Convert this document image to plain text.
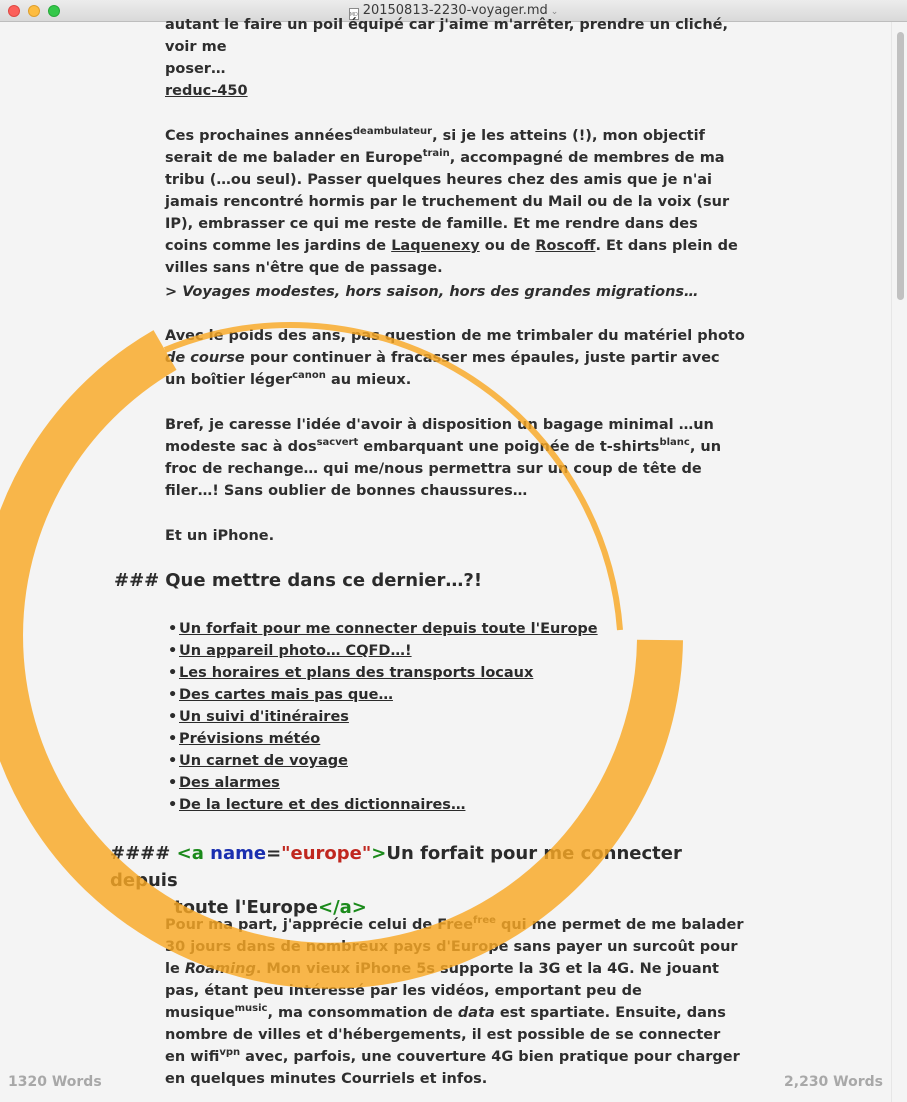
MD 20150813-2230-voyager.md ⌄
autant le faire un poil équipé car j'aime m'arrêter, prendre un cliché, voir me
poser…
reduc-450
Ces prochaines années$^{deambulateur}$, si je les atteins (!), mon objectif serait de me balader en Europe$^{train}$, accompagné de membres de ma tribu (…ou seul). Passer quelques heures chez des amis que je n'ai jamais rencontré hormis par le truchement du Mail ou de la voix (sur IP), embrasser ce qui me reste de famille. Et me rendre dans des coins comme les jardins de Laquenexy ou de Roscoff. Et dans plein de villes sans n'être que de passage.
> Voyages modestes, hors saison, hors des grandes migrations…
Avec le poids des ans, pas question de me trimbaler du matériel photo de course pour continuer à fracasser mes épaules, juste partir avec un boîtier léger$^{canon}$ au mieux.
Bref, je caresse l'idée d'avoir à disposition un bagage minimal …un modeste sac à dos$^{sacvert}$ embarquant une poignée de t-shirts$^{blanc}$, un froc de rechange… qui me/nous permettra sur un coup de tête de filer…! Sans oublier de bonnes chaussures…
Et un iPhone.
### Que mettre dans ce dernier…?!
• Un forfait pour me connecter depuis toute l'Europe
• Un appareil photo… CQFD…!
• Les horaires et plans des transports locaux
• Des cartes mais pas que…
• Un suivi d'itinéraires
• Prévisions météo
• Un carnet de voyage
• Des alarmes
• De la lecture et des dictionnaires…
#### <a name="europe">Un forfait pour me connecter depuis
toute l'Europe</a>
Pour ma part, j'apprécie celui de Free$^{free}$ qui me permet de me balader 30 jours dans de nombreux pays d'Europe sans payer un surcoût pour le Roaming. Mon vieux iPhone 5s supporte la 3G et la 4G. Ne jouant pas, étant peu intéressé par les vidéos, emportant peu de musique$^{music}$, ma consommation de data est spartiate. Ensuite, dans nombre de villes et d'hébergements, il est possible de se connecter en wifi$^{vpn}$ avec, parfois, une couverture 4G bien pratique pour charger en quelques minutes Courriels et infos.
1320 Words	2,230 Words
